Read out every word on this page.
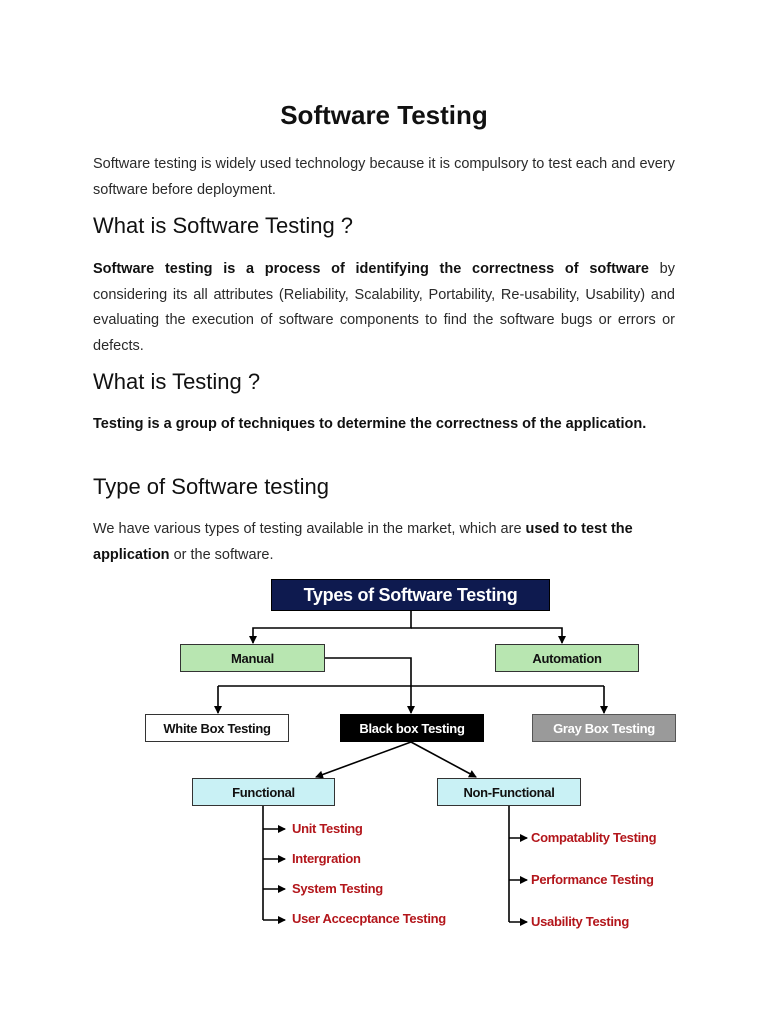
Software Testing
Software testing is widely used technology because it is compulsory to test each and every software before deployment.
What is Software Testing ?
Software testing is a process of identifying the correctness of software by considering its all attributes (Reliability, Scalability, Portability, Re-usability, Usability) and evaluating the execution of software components to find the software bugs or errors or defects.
What is Testing ?
Testing is a group of techniques to determine the correctness of the application.
Type of Software testing
We have various types of testing available in the market, which are used to test the application or the software.
Types of Software Testing
Manual	Automation
White Box Testing	Black box Testing	Gray Box Testing
Functional	Non-Functional
Unit Testing
Intergration
System Testing
User Accecptance Testing
Compatablity Testing
Performance Testing
Usability Testing
